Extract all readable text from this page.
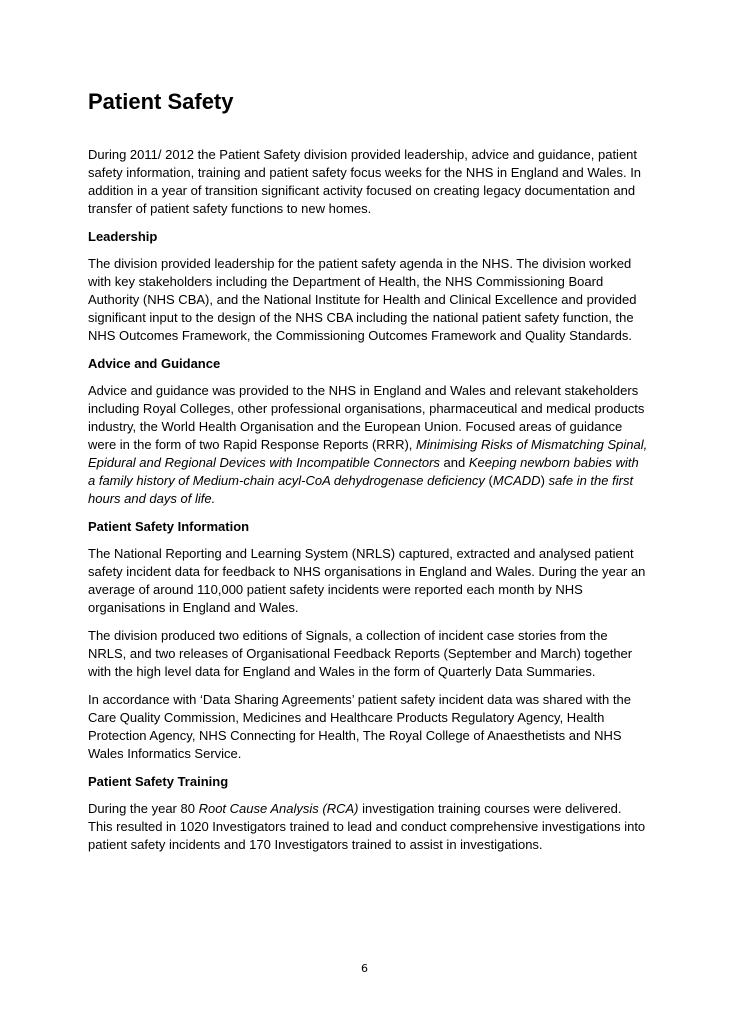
Patient Safety

During 2011/ 2012 the Patient Safety division provided leadership, advice and guidance, patient safety information, training and patient safety focus weeks for the NHS in England and Wales. In addition in a year of transition significant activity focused on creating legacy documentation and transfer of patient safety functions to new homes.

Leadership

The division provided leadership for the patient safety agenda in the NHS. The division worked with key stakeholders including the Department of Health, the NHS Commissioning Board Authority (NHS CBA), and the National Institute for Health and Clinical Excellence and provided significant input to the design of the NHS CBA including the national patient safety function, the NHS Outcomes Framework, the Commissioning Outcomes Framework and Quality Standards.

Advice and Guidance

Advice and guidance was provided to the NHS in England and Wales and relevant stakeholders including Royal Colleges, other professional organisations, pharmaceutical and medical products industry, the World Health Organisation and the European Union. Focused areas of guidance were in the form of two Rapid Response Reports (RRR), Minimising Risks of Mismatching Spinal, Epidural and Regional Devices with Incompatible Connectors and Keeping newborn babies with a family history of Medium-chain acyl-CoA dehydrogenase deficiency (MCADD) safe in the first hours and days of life.

Patient Safety Information

The National Reporting and Learning System (NRLS) captured, extracted and analysed patient safety incident data for feedback to NHS organisations in England and Wales. During the year an average of around 110,000 patient safety incidents were reported each month by NHS organisations in England and Wales.

The division produced two editions of Signals, a collection of incident case stories from the NRLS, and two releases of Organisational Feedback Reports (September and March) together with the high level data for England and Wales in the form of Quarterly Data Summaries.

In accordance with ‘Data Sharing Agreements’ patient safety incident data was shared with the Care Quality Commission, Medicines and Healthcare Products Regulatory Agency, Health Protection Agency, NHS Connecting for Health, The Royal College of Anaesthetists and NHS Wales Informatics Service.

Patient Safety Training

During the year 80 Root Cause Analysis (RCA) investigation training courses were delivered. This resulted in 1020 Investigators trained to lead and conduct comprehensive investigations into patient safety incidents and 170 Investigators trained to assist in investigations.

6
